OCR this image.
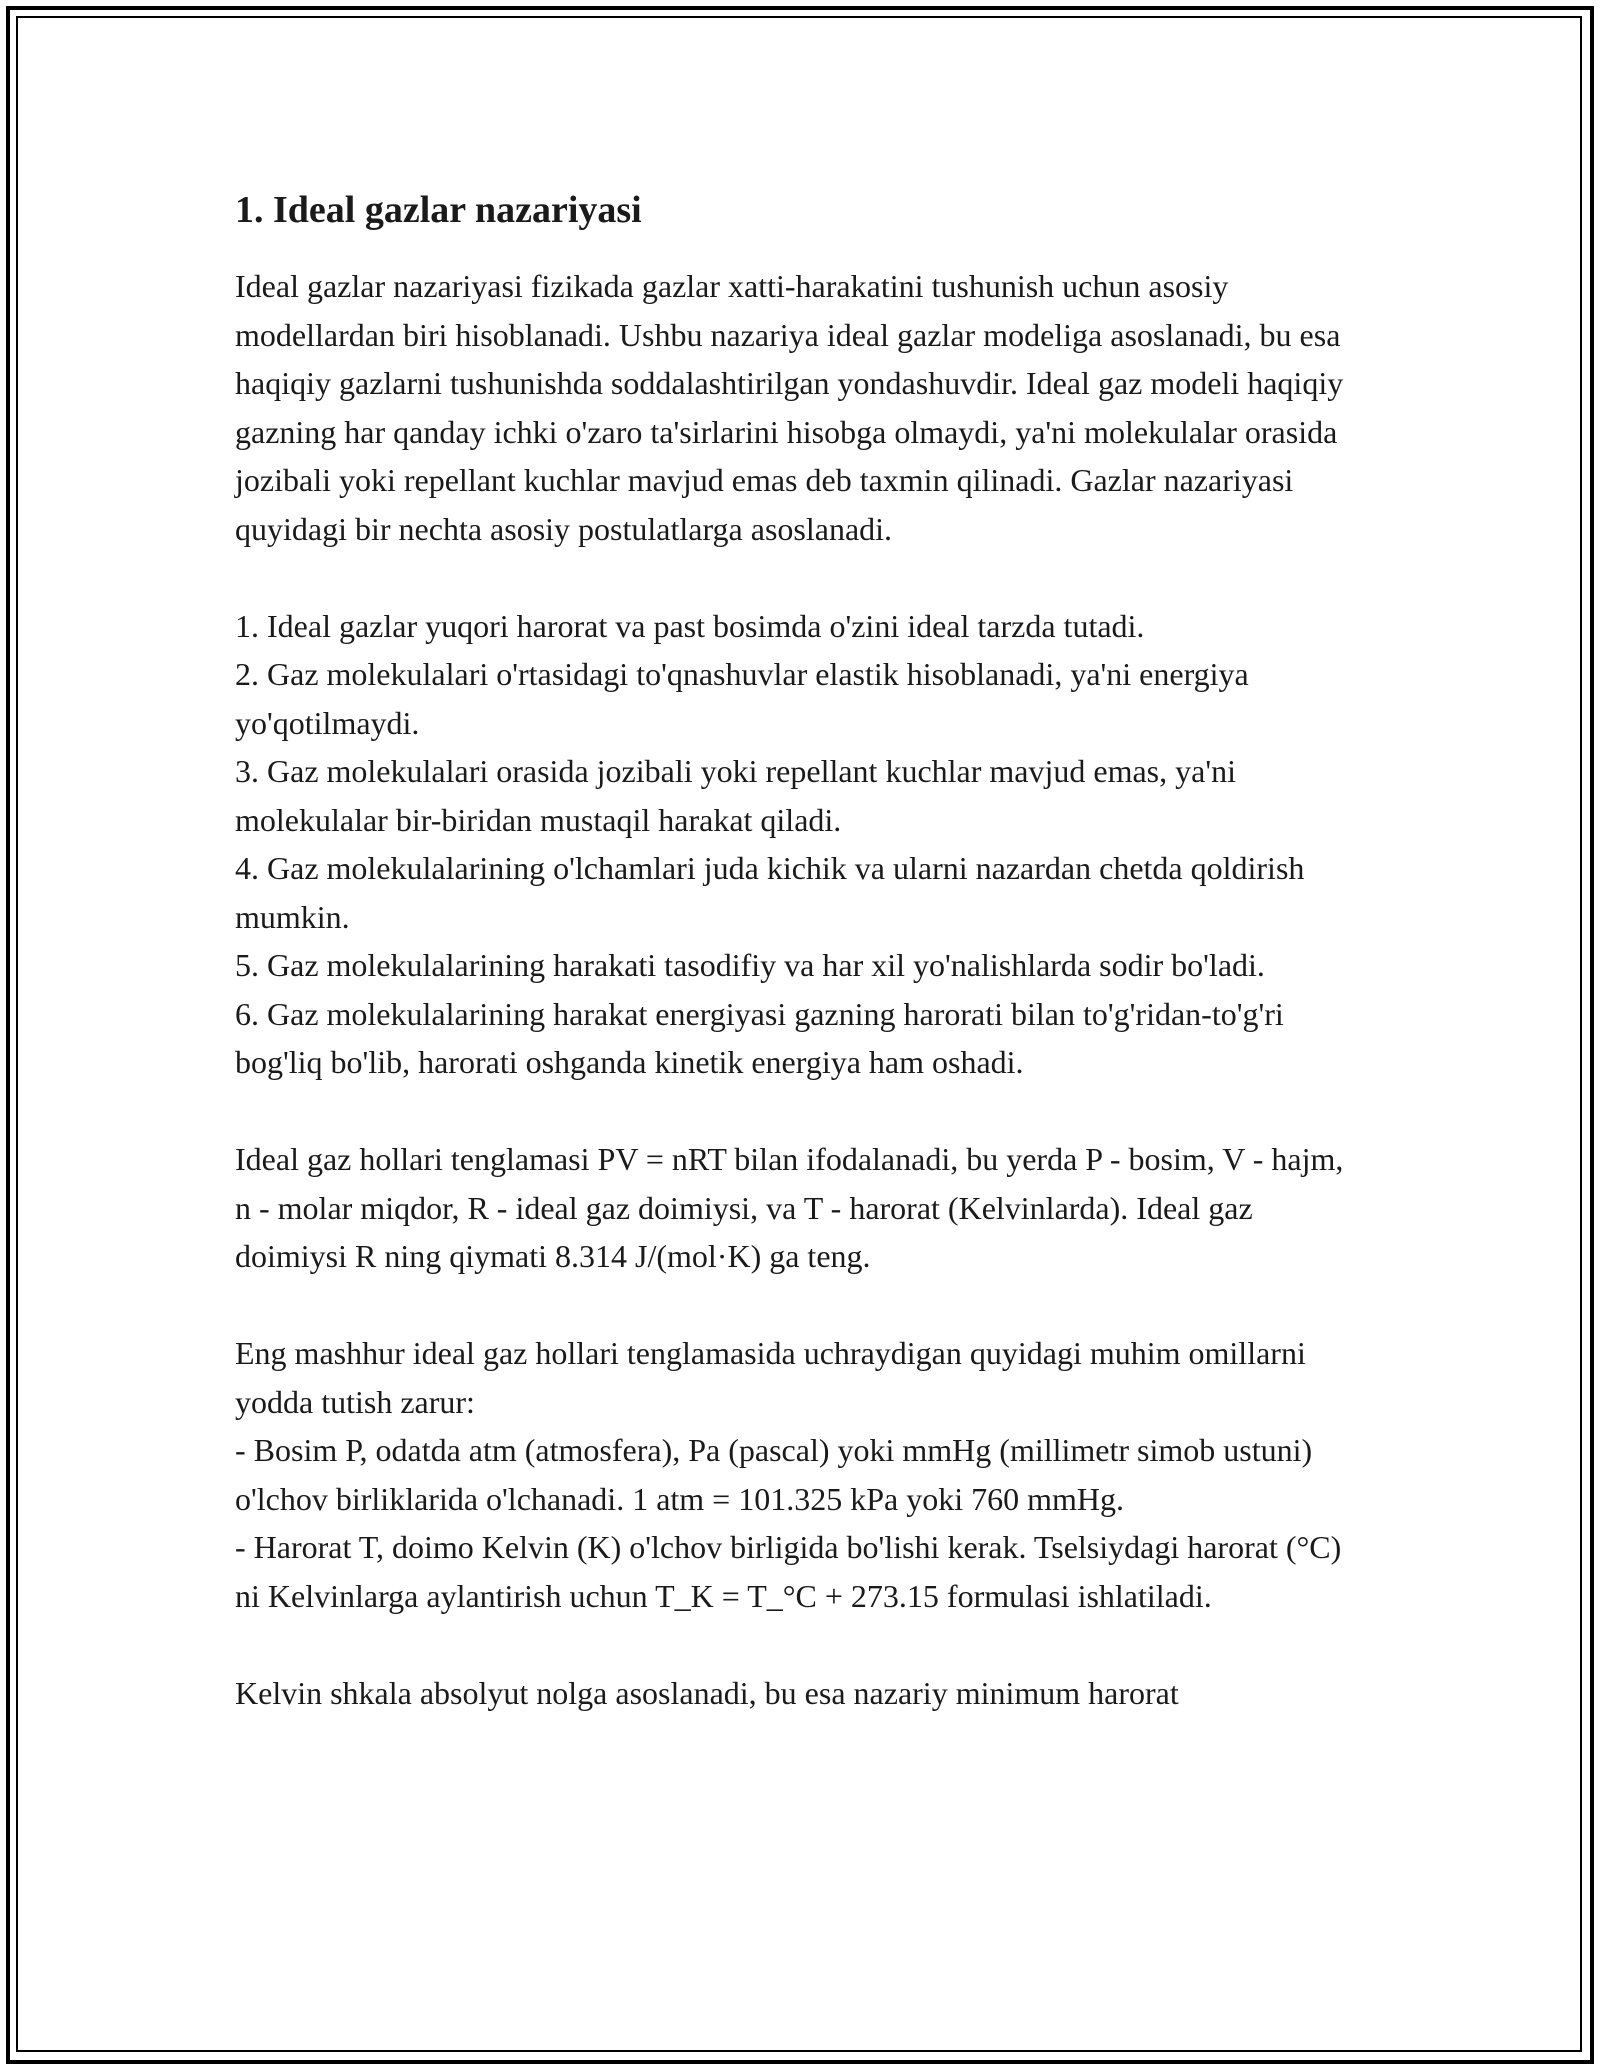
1. Ideal gazlar nazariyasi

Ideal gazlar nazariyasi fizikada gazlar xatti-harakatini tushunish uchun asosiy modellardan biri hisoblanadi. Ushbu nazariya ideal gazlar modeliga asoslanadi, bu esa haqiqiy gazlarni tushunishda soddalashtirilgan yondashuvdir. Ideal gaz modeli haqiqiy gazning har qanday ichki o'zaro ta'sirlarini hisobga olmaydi, ya'ni molekulalar orasida jozibali yoki repellant kuchlar mavjud emas deb taxmin qilinadi. Gazlar nazariyasi quyidagi bir nechta asosiy postulatlarga asoslanadi.

1. Ideal gazlar yuqori harorat va past bosimda o'zini ideal tarzda tutadi.

2. Gaz molekulalari o'rtasidagi to'qnashuvlar elastik hisoblanadi, ya'ni energiya yo'qotilmaydi.

3. Gaz molekulalari orasida jozibali yoki repellant kuchlar mavjud emas, ya'ni molekulalar bir-biridan mustaqil harakat qiladi.

4. Gaz molekulalarining o'lchamlari juda kichik va ularni nazardan chetda qoldirish mumkin.

5. Gaz molekulalarining harakati tasodifiy va har xil yo'nalishlarda sodir bo'ladi.

6. Gaz molekulalarining harakat energiyasi gazning harorati bilan to'g'ridan-to'g'ri bog'liq bo'lib, harorati oshganda kinetik energiya ham oshadi.

Ideal gaz hollari tenglamasi PV = nRT bilan ifodalanadi, bu yerda P - bosim, V - hajm, n - molar miqdor, R - ideal gaz doimiysi, va T - harorat (Kelvinlarda). Ideal gaz doimiysi R ning qiymati 8.314 J/(mol·K) ga teng.

Eng mashhur ideal gaz hollari tenglamasida uchraydigan quyidagi muhim omillarni yodda tutish zarur:

- Bosim P, odatda atm (atmosfera), Pa (pascal) yoki mmHg (millimetr simob ustuni) o'lchov birliklarida o'lchanadi. 1 atm = 101.325 kPa yoki 760 mmHg.

- Harorat T, doimo Kelvin (K) o'lchov birligida bo'lishi kerak. Tselsiydagi harorat (°C) ni Kelvinlarga aylantirish uchun T_K = T_°C + 273.15 formulasi ishlatiladi.

Kelvin shkala absolyut nolga asoslanadi, bu esa nazariy minimum harorat
